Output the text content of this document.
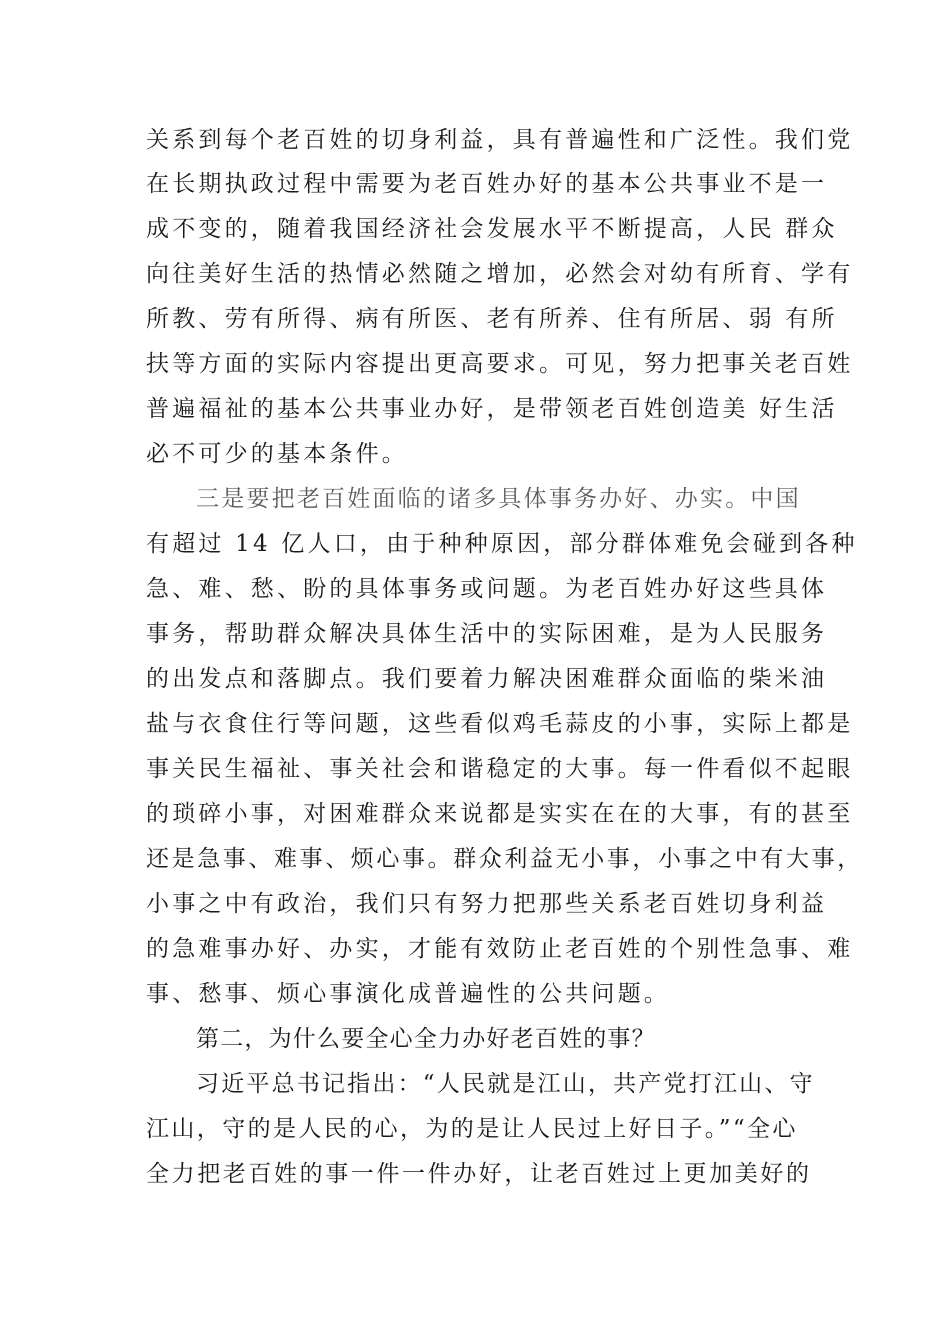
关系到每个老百姓的切身利益，具有普遍性和广泛性。我们党
在长期执政过程中需要为老百姓办好的基本公共事业不是一
成不变的，随着我国经济社会发展水平不断提高，人民 群众
向往美好生活的热情必然随之增加，必然会对幼有所育、学有
所教、劳有所得、病有所医、老有所养、住有所居、弱 有所
扶等方面的实际内容提出更高要求。可见，努力把事关老百姓
普遍福祉的基本公共事业办好，是带领老百姓创造美 好生活
必不可少的基本条件。
三是要把老百姓面临的诸多具体事务办好、办实。中国
有超过 14 亿人口，由于种种原因，部分群体难免会碰到各种
急、难、愁、盼的具体事务或问题。为老百姓办好这些具体
事务，帮助群众解决具体生活中的实际困难，是为人民服务
的出发点和落脚点。我们要着力解决困难群众面临的柴米油
盐与衣食住行等问题，这些看似鸡毛蒜皮的小事，实际上都是
事关民生福祉、事关社会和谐稳定的大事。每一件看似不起眼
的琐碎小事，对困难群众来说都是实实在在的大事，有的甚至
还是急事、难事、烦心事。群众利益无小事，小事之中有大事，
小事之中有政治，我们只有努力把那些关系老百姓切身利益
的急难事办好、办实，才能有效防止老百姓的个别性急事、难
事、愁事、烦心事演化成普遍性的公共问题。
第二，为什么要全心全力办好老百姓的事？
习近平总书记指出：“人民就是江山，共产党打江山、守
江山，守的是人民的心，为的是让人民过上好日子。”“全心
全力把老百姓的事一件一件办好，让老百姓过上更加美好的
